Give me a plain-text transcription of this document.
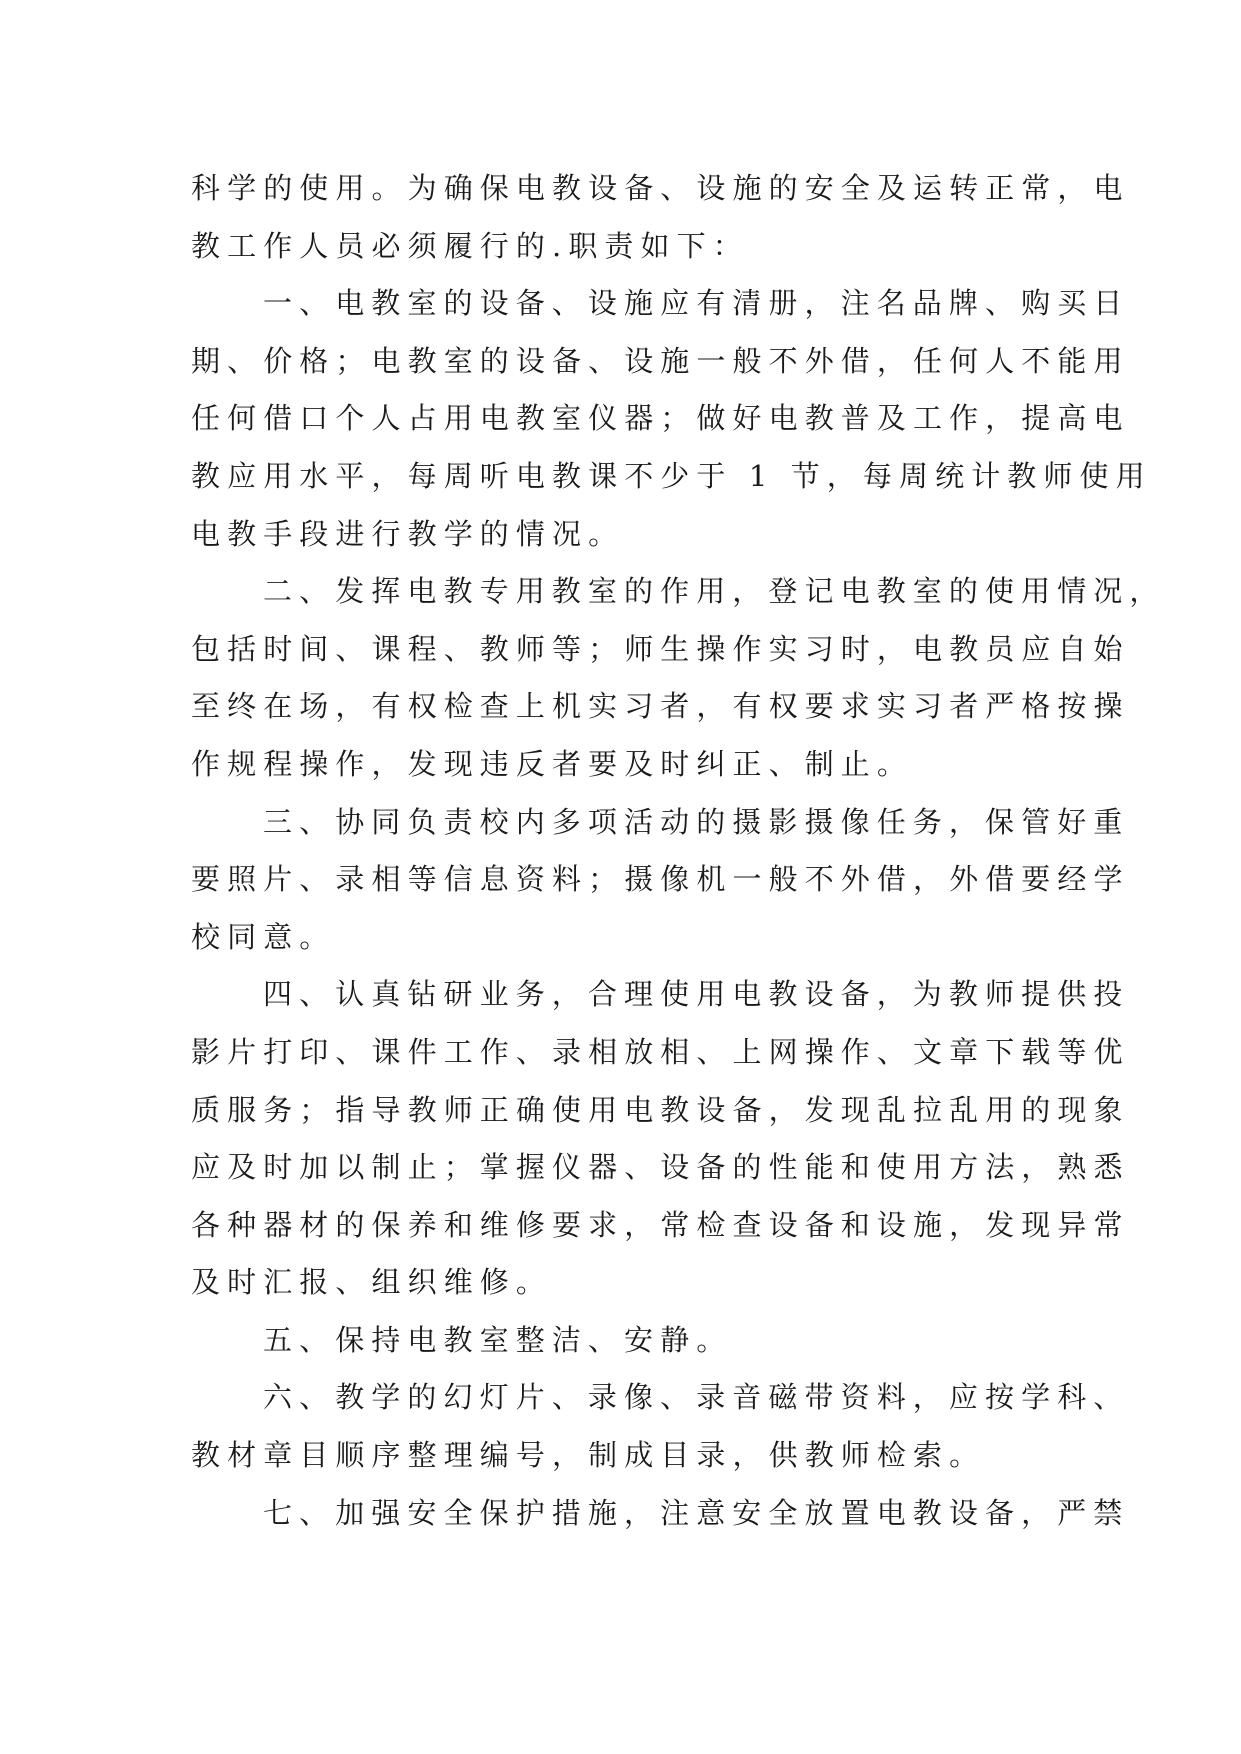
科学的使用。为确保电教设备、设施的安全及运转正常，电
教工作人员必须履行的.职责如下：
一、电教室的设备、设施应有清册，注名品牌、购买日
期、价格；电教室的设备、设施一般不外借，任何人不能用
任何借口个人占用电教室仪器；做好电教普及工作，提高电
教应用水平，每周听电教课不少于 1 节，每周统计教师使用
电教手段进行教学的情况。
二、发挥电教专用教室的作用，登记电教室的使用情况，
包括时间、课程、教师等；师生操作实习时，电教员应自始
至终在场，有权检查上机实习者，有权要求实习者严格按操
作规程操作，发现违反者要及时纠正、制止。
三、协同负责校内多项活动的摄影摄像任务，保管好重
要照片、录相等信息资料；摄像机一般不外借，外借要经学
校同意。
四、认真钻研业务，合理使用电教设备，为教师提供投
影片打印、课件工作、录相放相、上网操作、文章下载等优
质服务；指导教师正确使用电教设备，发现乱拉乱用的现象
应及时加以制止；掌握仪器、设备的性能和使用方法，熟悉
各种器材的保养和维修要求，常检查设备和设施，发现异常
及时汇报、组织维修。
五、保持电教室整洁、安静。
六、教学的幻灯片、录像、录音磁带资料，应按学科、
教材章目顺序整理编号，制成目录，供教师检索。
七、加强安全保护措施，注意安全放置电教设备，严禁
